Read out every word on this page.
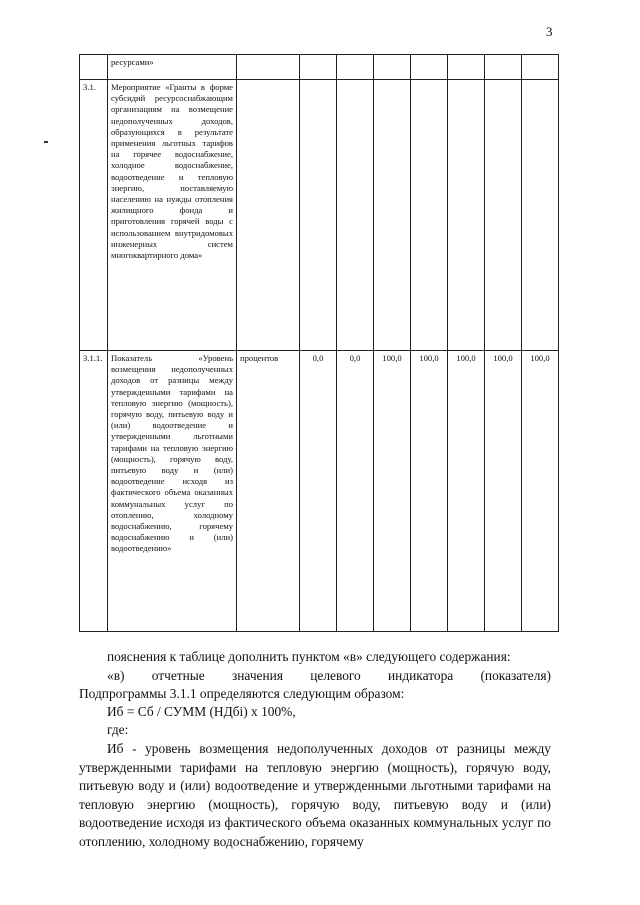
3
	ресурсами»								
3.1.	Мероприятие «Гранты в форме субсидий ресурсоснабжающим организациям на возмещение недополученных доходов, образующихся в результате применения льготных тарифов на горячее водоснабжение, холодное водоснабжение, водоотведение и тепловую энергию, поставляемую населению на нужды отопления жилищного фонда и приготовления горячей воды с использованием внутридомовых инженерных систем многоквартирного дома»								
3.1.1.	Показатель «Уровень возмещения недополученных доходов от разницы между утвержденными тарифами на тепловую энергию (мощность), горячую воду, питьевую воду и (или) водоотведение и утвержденными льготными тарифами на тепловую энергию (мощность), горячую воду, питьевую воду и (или) водоотведение исходя из фактического объема оказанных коммунальных услуг по отоплению, холодному водоснабжению, горячему водоснабжению и (или) водоотведению»	процентов	0,0	0,0	100,0	100,0	100,0	100,0	100,0
пояснения к таблице дополнить пунктом «в» следующего содержания:
«в) отчетные значения целевого индикатора (показателя)
Подпрограммы 3.1.1 определяются следующим образом:
Иб = Сб / СУММ (НДбi) х 100%,
где:
Иб - уровень возмещения недополученных доходов от разницы между утвержденными тарифами на тепловую энергию (мощность), горячую воду, питьевую воду и (или) водоотведение и утвержденными льготными тарифами на тепловую энергию (мощность), горячую воду, питьевую воду и (или) водоотведение исходя из фактического объема оказанных коммунальных услуг по отоплению, холодному водоснабжению, горячему
